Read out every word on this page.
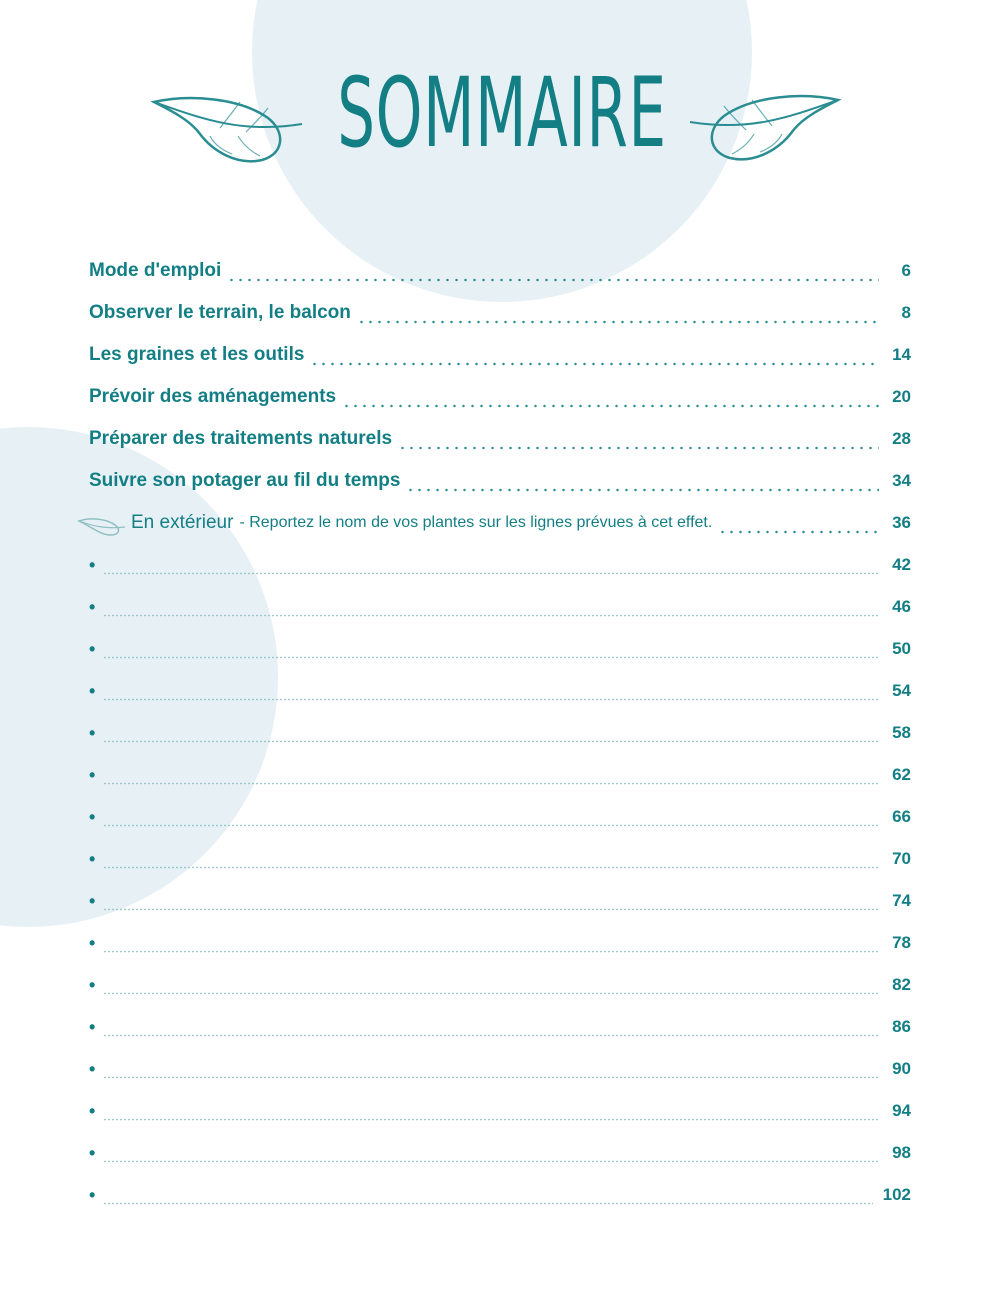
SOMMAIRE
Mode d'emploi	6
Observer le terrain, le balcon	8
Les graines et les outils	14
Prévoir des aménagements	20
Préparer des traitements naturels	28
Suivre son potager au fil du temps	34
En extérieur - Reportez le nom de vos plantes sur les lignes prévues à cet effet.	36
•	42
•	46
•	50
•	54
•	58
•	62
•	66
•	70
•	74
•	78
•	82
•	86
•	90
•	94
•	98
•	102
